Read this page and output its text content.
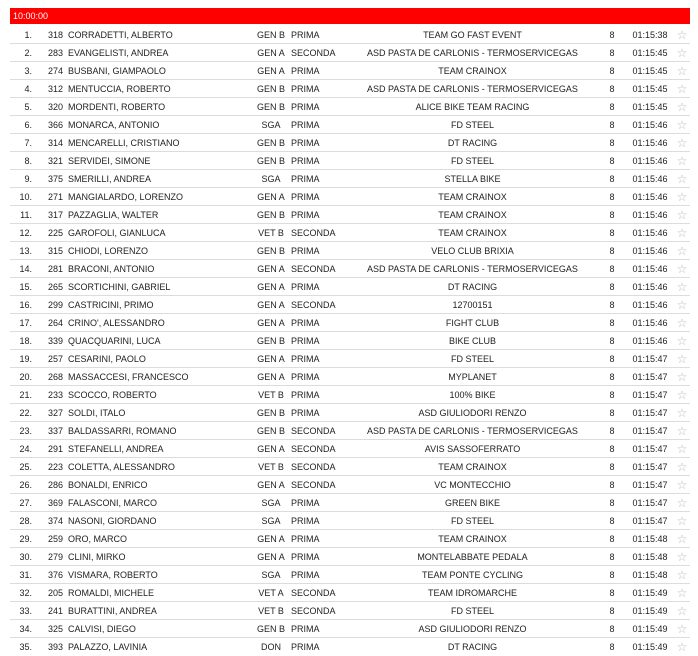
10:00:00
1.	318 CORRADETTI, ALBERTO	GEN B PRIMA	TEAM GO FAST EVENT	8	01:15:38 ☆
2.	283 EVANGELISTI, ANDREA	GEN A SECONDA	ASD PASTA DE CARLONIS - TERMOSERVICEGAS	8	01:15:45 ☆
3.	274 BUSBANI, GIAMPAOLO	GEN A PRIMA	TEAM CRAINOX	8	01:15:45 ☆
4.	312 MENTUCCIA, ROBERTO	GEN B PRIMA	ASD PASTA DE CARLONIS - TERMOSERVICEGAS	8	01:15:45 ☆
5.	320 MORDENTI, ROBERTO	GEN B PRIMA	ALICE BIKE TEAM RACING	8	01:15:45 ☆
6.	366 MONARCA, ANTONIO	SGA	PRIMA	FD STEEL	8	01:15:46 ☆
7.	314 MENCARELLI, CRISTIANO	GEN B PRIMA	DT RACING	8	01:15:46 ☆
8.	321 SERVIDEI, SIMONE	GEN B PRIMA	FD STEEL	8	01:15:46 ☆
9.	375 SMERILLI, ANDREA	SGA	PRIMA	STELLA BIKE	8	01:15:46 ☆
10.	271 MANGIALARDO, LORENZO	GEN A PRIMA	TEAM CRAINOX	8	01:15:46 ☆
11.	317 PAZZAGLIA, WALTER	GEN B PRIMA	TEAM CRAINOX	8	01:15:46 ☆
12.	225 GAROFOLI, GIANLUCA	VET B SECONDA	TEAM CRAINOX	8	01:15:46 ☆
13.	315 CHIODI, LORENZO	GEN B PRIMA	VELO CLUB BRIXIA	8	01:15:46 ☆
14.	281 BRACONI, ANTONIO	GEN A SECONDA	ASD PASTA DE CARLONIS - TERMOSERVICEGAS	8	01:15:46 ☆
15.	265 SCORTICHINI, GABRIEL	GEN A PRIMA	DT RACING	8	01:15:46 ☆
16.	299 CASTRICINI, PRIMO	GEN A SECONDA	12700151	8	01:15:46 ☆
17.	264 CRINO', ALESSANDRO	GEN A PRIMA	FIGHT CLUB	8	01:15:46 ☆
18.	339 QUACQUARINI, LUCA	GEN B PRIMA	BIKE CLUB	8	01:15:46 ☆
19.	257 CESARINI, PAOLO	GEN A PRIMA	FD STEEL	8	01:15:47 ☆
20.	268 MASSACCESI, FRANCESCO	GEN A PRIMA	MYPLANET	8	01:15:47 ☆
21.	233 SCOCCO, ROBERTO	VET B PRIMA	100% BIKE	8	01:15:47 ☆
22.	327 SOLDI, ITALO	GEN B PRIMA	ASD GIULIODORI RENZO	8	01:15:47 ☆
23.	337 BALDASSARRI, ROMANO	GEN B SECONDA	ASD PASTA DE CARLONIS - TERMOSERVICEGAS	8	01:15:47 ☆
24.	291 STEFANELLI, ANDREA	GEN A SECONDA	AVIS SASSOFERRATO	8	01:15:47 ☆
25.	223 COLETTA, ALESSANDRO	VET B SECONDA	TEAM CRAINOX	8	01:15:47 ☆
26.	286 BONALDI, ENRICO	GEN A SECONDA	VC MONTECCHIO	8	01:15:47 ☆
27.	369 FALASCONI, MARCO	SGA	PRIMA	GREEN BIKE	8	01:15:47 ☆
28.	374 NASONI, GIORDANO	SGA	PRIMA	FD STEEL	8	01:15:47 ☆
29.	259 ORO, MARCO	GEN A PRIMA	TEAM CRAINOX	8	01:15:48 ☆
30.	279 CLINI, MIRKO	GEN A PRIMA	MONTELABBATE PEDALA	8	01:15:48 ☆
31.	376 VISMARA, ROBERTO	SGA	PRIMA	TEAM PONTE CYCLING	8	01:15:48 ☆
32.	205 ROMALDI, MICHELE	VET A SECONDA	TEAM IDROMARCHE	8	01:15:49 ☆
33.	241 BURATTINI, ANDREA	VET B SECONDA	FD STEEL	8	01:15:49 ☆
34.	325 CALVISI, DIEGO	GEN B PRIMA	ASD GIULIODORI RENZO	8	01:15:49 ☆
35.	393 PALAZZO, LAVINIA	DON	PRIMA	DT RACING	8	01:15:49 ☆
